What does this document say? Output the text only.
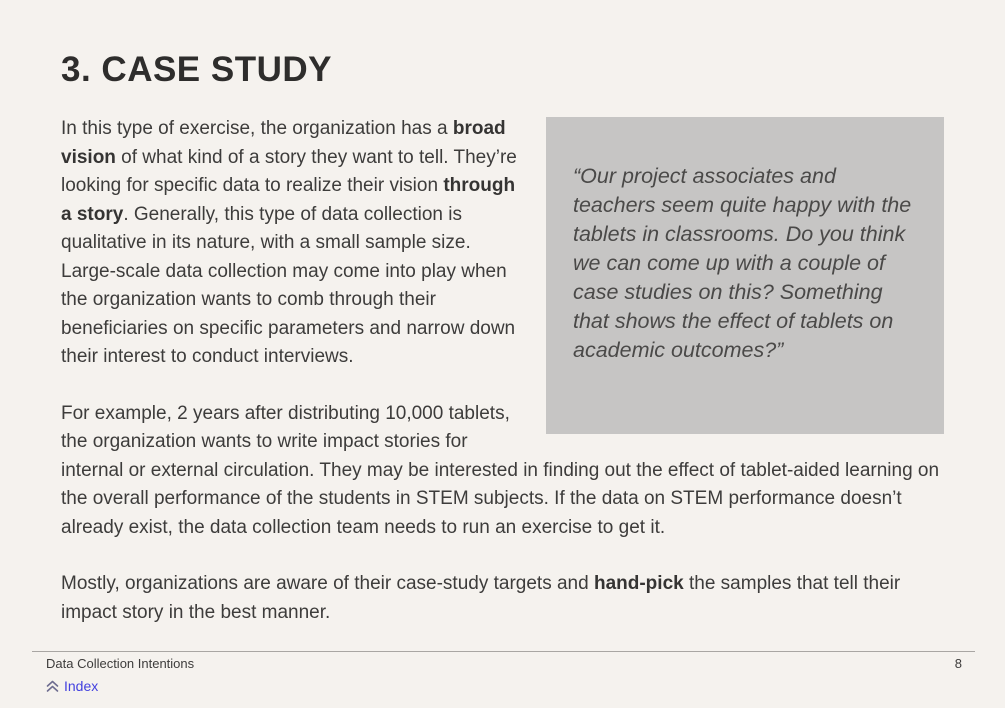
3. CASE STUDY

“Our project associates and teachers seem quite happy with the tablets in classrooms. Do you think we can come up with a couple of case studies on this? Something that shows the effect of tablets on academic outcomes?”

In this type of exercise, the organization has a broad vision of what kind of a story they want to tell. They’re looking for specific data to realize their vision through a story. Generally, this type of data collection is qualitative in its nature, with a small sample size. Large-scale data collection may come into play when the organization wants to comb through their beneficiaries on specific parameters and narrow down their interest to conduct interviews.

For example, 2 years after distributing 10,000 tablets, the organization wants to write impact stories for internal or external circulation. They may be interested in finding out the effect of tablet-aided learning on the overall performance of the students in STEM subjects. If the data on STEM performance doesn’t already exist, the data collection team needs to run an exercise to get it.

Mostly, organizations are aware of their case-study targets and hand-pick the samples that tell their impact story in the best manner.

Data Collection Intentions	8
Index
